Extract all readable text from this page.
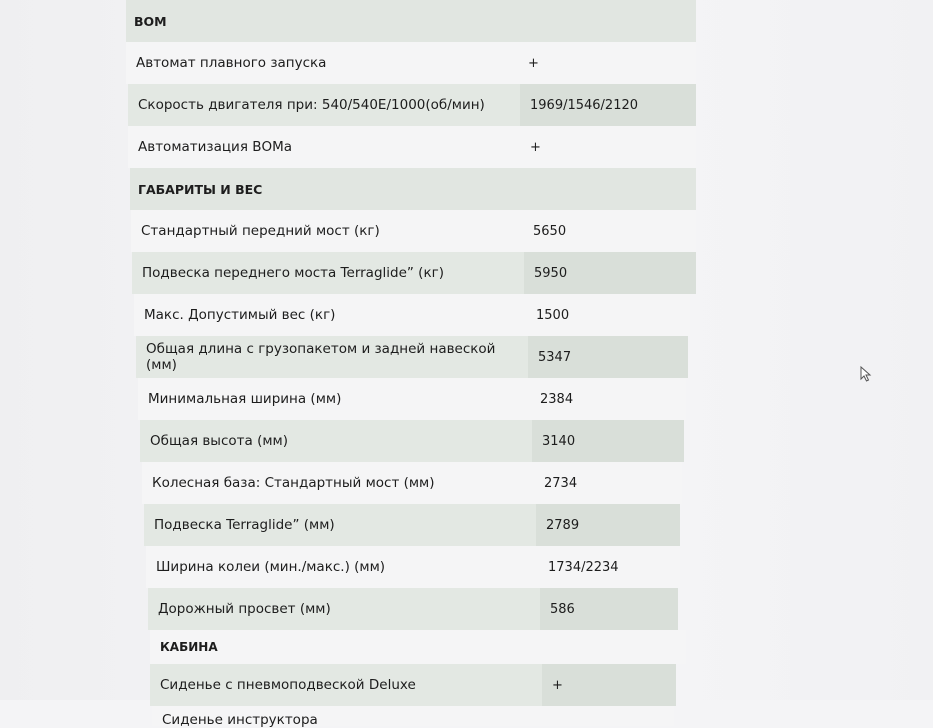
ВОМ
Автомат плавного запуска	+
Скорость двигателя при: 540/540E/1000(об/мин)	1969/1546/2120
Автоматизация ВОМа	+
ГАБАРИТЫ И ВЕС
Стандартный передний мост (кг)	5650
Подвеска переднего моста Terraglide” (кг)	5950
Макс. Допустимый вес (кг)	1500
Общая длина с грузопакетом и задней навеской (мм)	5347
Минимальная ширина (мм)	2384
Общая высота (мм)	3140
Колесная база: Стандартный мост (мм)	2734
Подвеска Terraglide” (мм)	2789
Ширина колеи (мин./макс.) (мм)	1734/2234
Дорожный просвет (мм)	586
КАБИНА
Сиденье с пневмоподвеской Deluxe	+
Сиденье инструктора
